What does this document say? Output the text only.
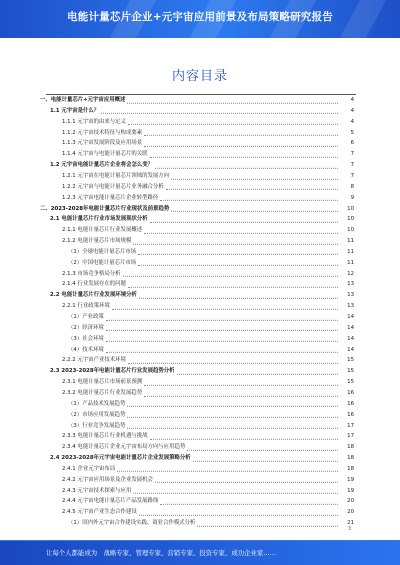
电能计量芯片企业+元宇宙应用前景及布局策略研究报告
内容目录
一、电能计量芯片+元宇宙应用概述	4
1.1 元宇宙是什么？	4
1.1.1 元宇宙的由来与定义	4
1.1.2 元宇宙技术特征与构成要素	5
1.1.3 元宇宙发展阶段及应用场景	6
1.1.4 元宇宙与电能计量芯片的关联	7
1.2 元宇宙电能计量芯片企业将会怎么变？	7
1.2.1 元宇宙在电能计量芯片领域的发展方向	7
1.2.2 元宇宙与电能计量芯片业务融合分析	8
1.2.3 元宇宙电能计量芯片企业转型路径	9
二、2023-2028年电能计量芯片行业现状及前景趋势	10
2.1 电能计量芯片行业市场发展现状分析	10
2.1.1 电能计量芯片行业发展概述	10
2.1.2 电能计量芯片市场规模	11
（1）全球电能计量芯片市场	11
（2）中国电能计量芯片市场	11
2.1.3 市场竞争格局分析	12
2.1.4 行业发展存在的问题	13
2.2 电能计量芯片行业发展环境分析	13
2.2.1 行业政策环境	13
（1）产业政策	14
（2）经济环境	14
（3）社会环境	14
（4）技术环境	14
2.2.2 元宇宙产业技术环境	15
2.3 2023-2028年电能计量芯片行业发展趋势分析	15
2.3.1 电能计量芯片市场前景预测	15
2.3.2 电能计量芯片行业发展趋势	16
（1）产品技术发展趋势	16
（2）市场应用发展趋势	16
（3）行业竞争发展趋势	17
2.3.3 电能计量芯片行业机遇与挑战	17
2.3.4 电能计量芯片企业元宇宙布局方向与应用趋势	18
2.4 2023-2028年元宇宙电能计量芯片企业发展策略分析	18
2.4.1 企业元宇宙布局	18
2.4.2 元宇宙应用场景及企业发展机会	19
2.4.3 元宇宙技术探索与应用	19
2.4.4 元宇宙电能计量芯片产品发展路线	20
2.4.5 元宇宙产业生态合作建设	20
（1）国内外元宇宙合作建设实践、商业合作模式分析	21
3
让每个人都能成为　战略专家、管理专家、营销专家、投资专家、成功企业家……
